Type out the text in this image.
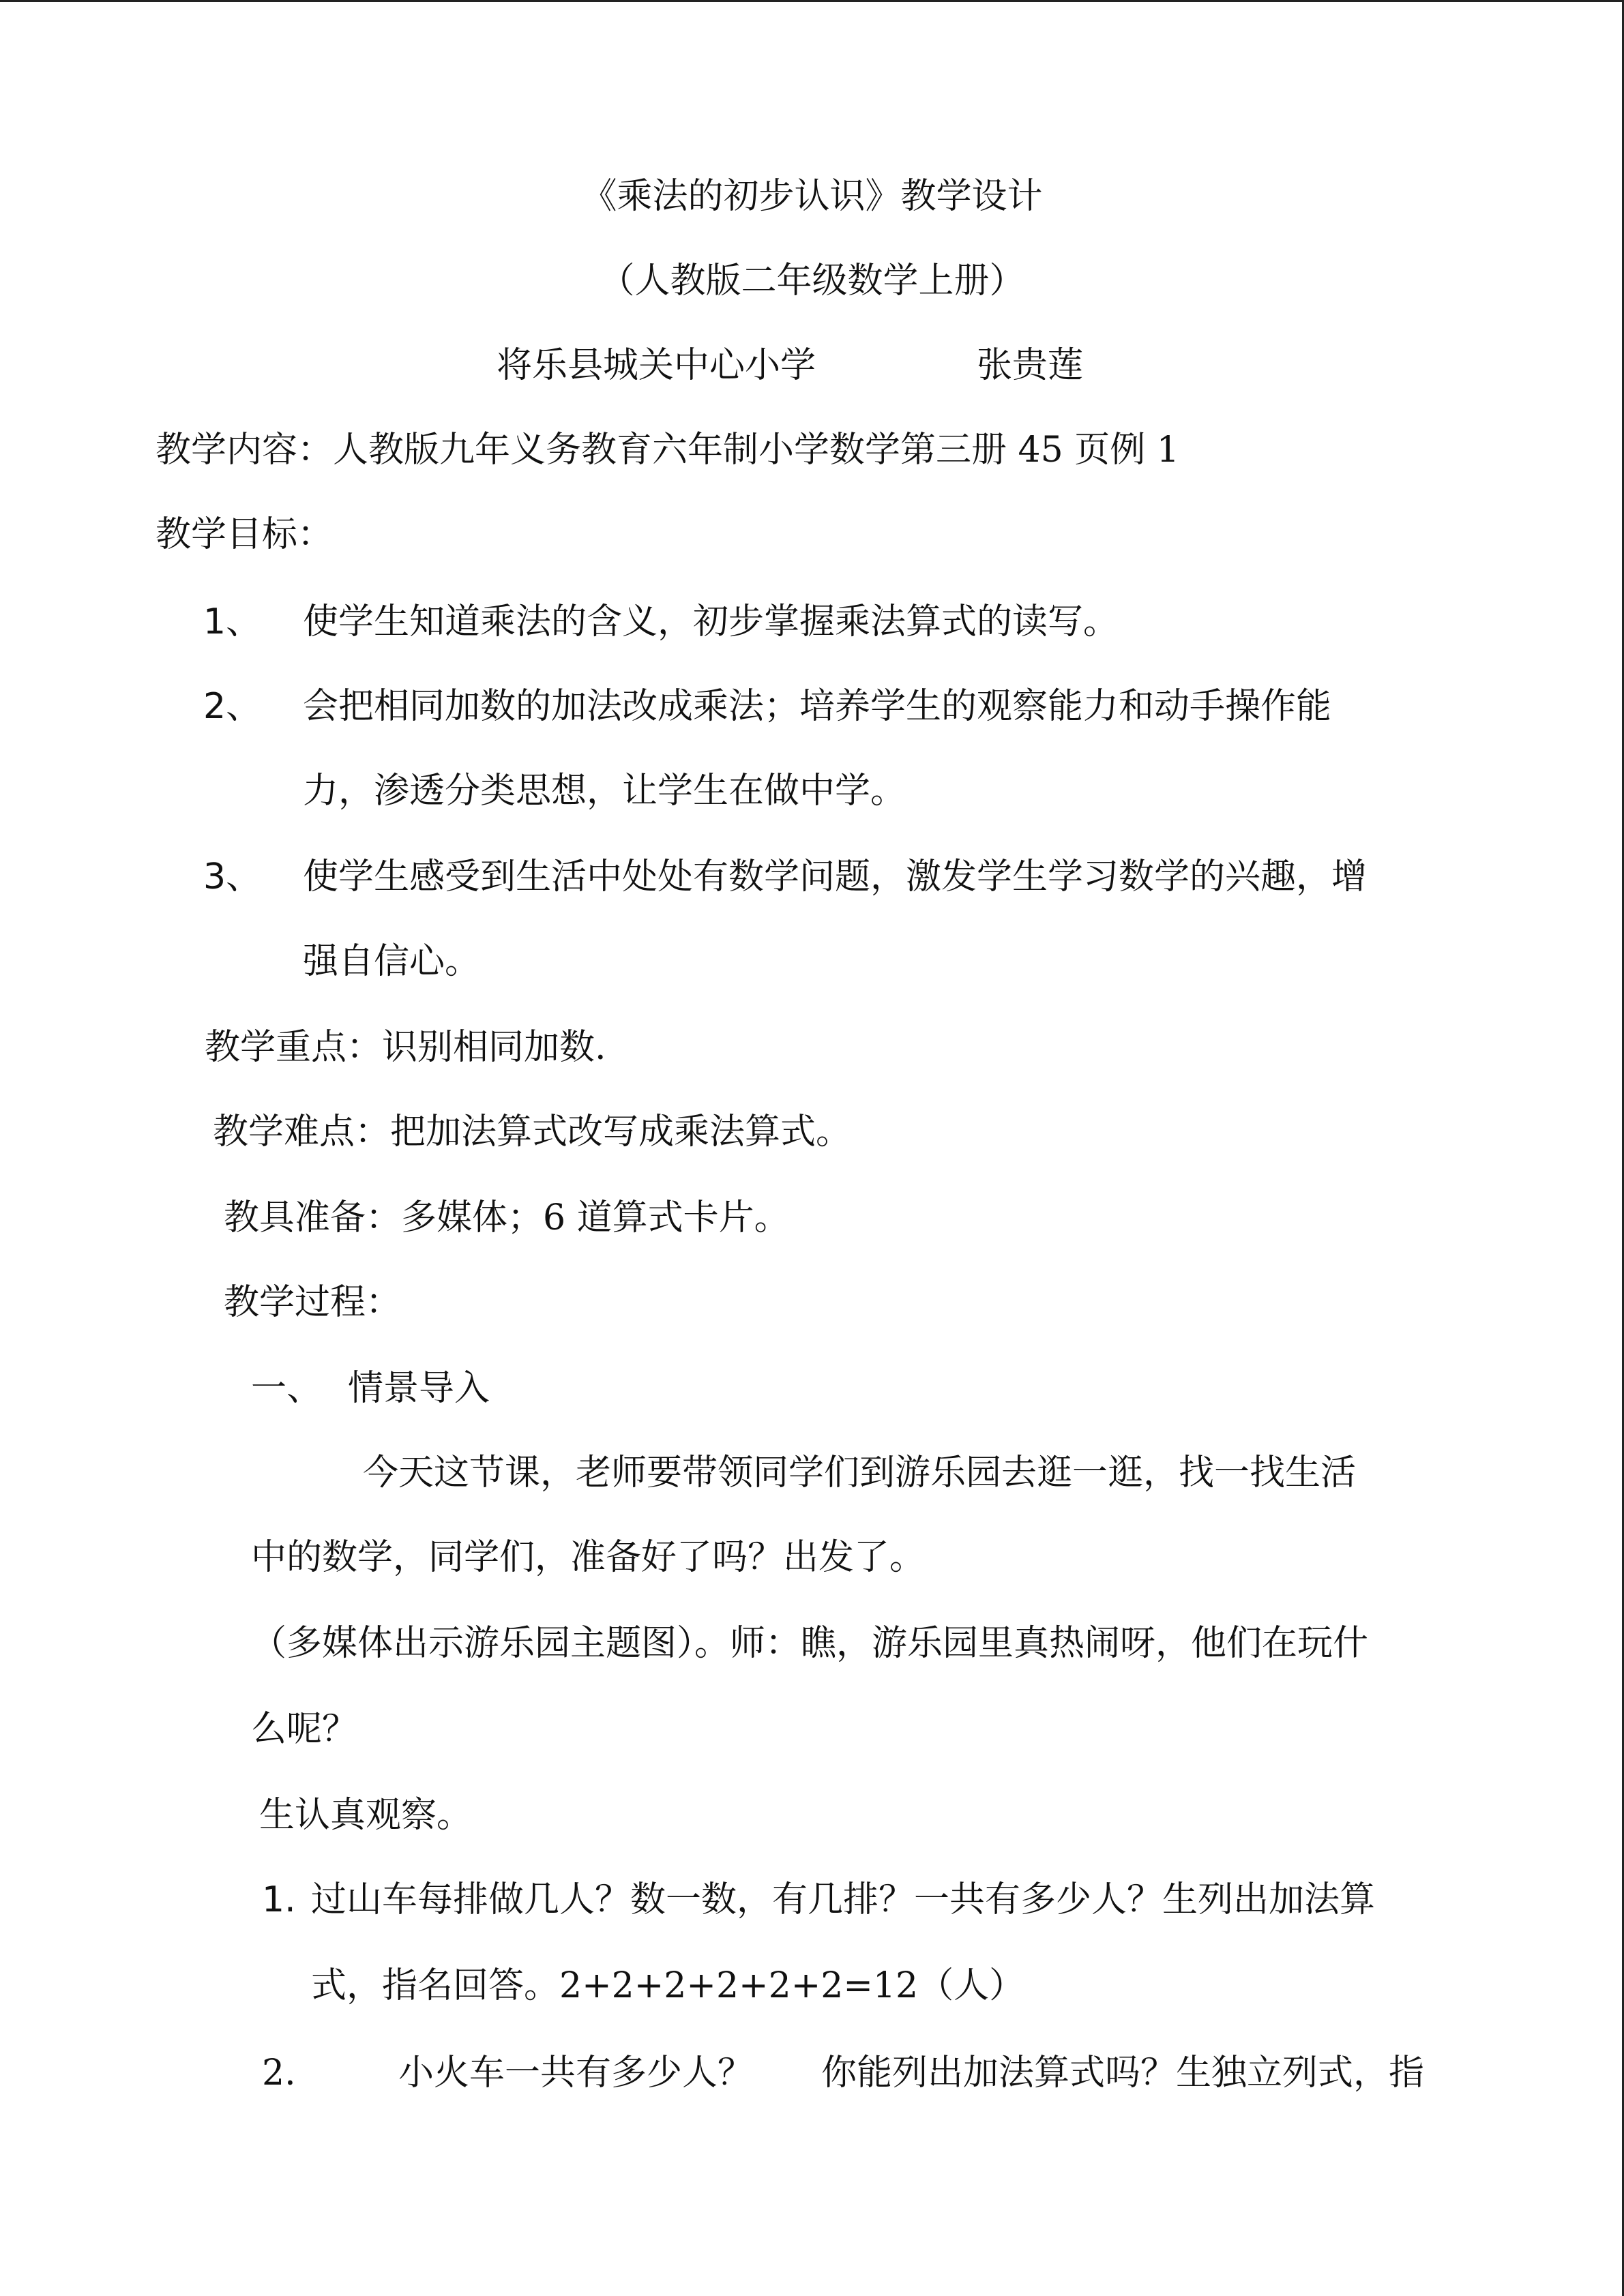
《乘法的初步认识》教学设计
（人教版二年级数学上册）
将乐县城关中心小学	张贵莲
教学内容：人教版九年义务教育六年制小学数学第三册 45 页例 1
教学目标：
1、 使学生知道乘法的含义，初步掌握乘法算式的读写。
2、 会把相同加数的加法改成乘法；培养学生的观察能力和动手操作能
力，渗透分类思想，让学生在做中学。
3、 使学生感受到生活中处处有数学问题，激发学生学习数学的兴趣，增
强自信心。
教学重点：识别相同加数.
教学难点：把加法算式改写成乘法算式。
教具准备：多媒体；6 道算式卡片。
教学过程：
一、 情景导入
今天这节课，老师要带领同学们到游乐园去逛一逛，找一找生活
中的数学，同学们，准备好了吗？出发了。
（多媒体出示游乐园主题图）。师：瞧，游乐园里真热闹呀，他们在玩什
么呢？
生认真观察。
1. 过山车每排做几人？数一数，有几排？一共有多少人？生列出加法算
式，指名回答。2+2+2+2+2+2=12（人）
2.	小火车一共有多少人？ 你能列出加法算式吗？生独立列式，指
